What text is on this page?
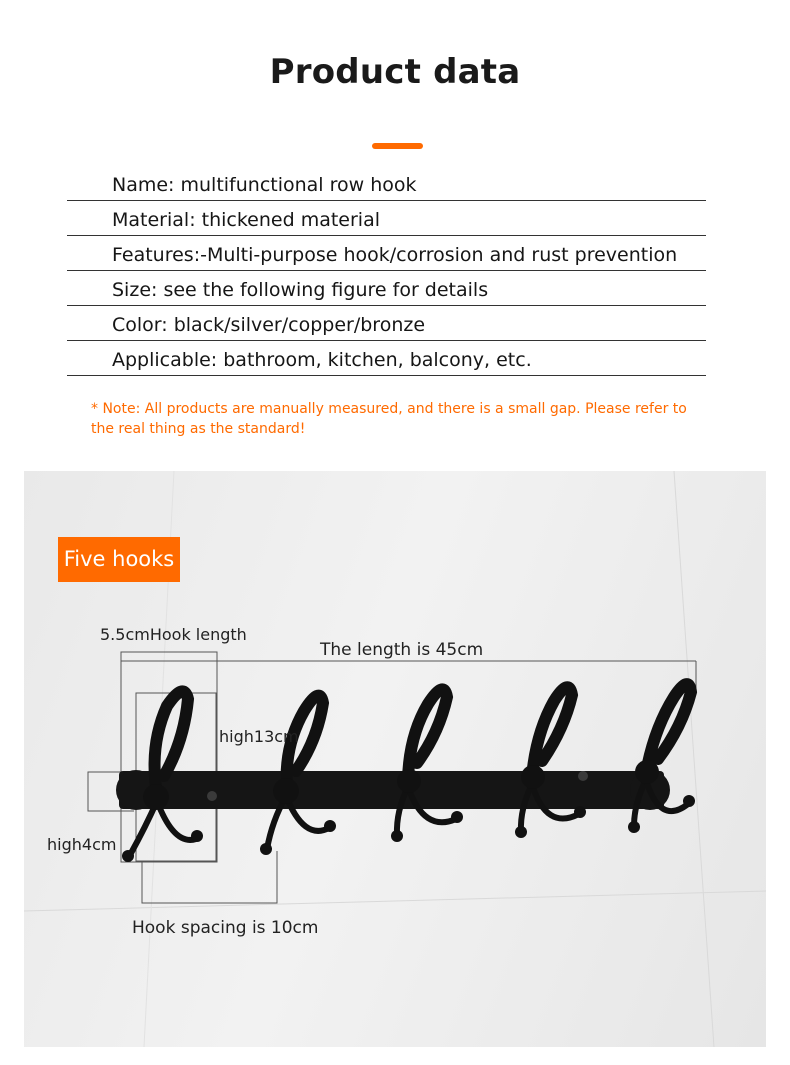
Product data
Name: multifunctional row hook
Material: thickened material
Features:-Multi-purpose hook/corrosion and rust prevention
Size: see the following figure for details
Color: black/silver/copper/bronze
Applicable: bathroom, kitchen, balcony, etc.
* Note: All products are manually measured, and there is a small gap. Please refer to the real thing as the standard!
Five hooks
5.5cmHook length
The length is 45cm
high13cm
high4cm
Hook spacing is 10cm
